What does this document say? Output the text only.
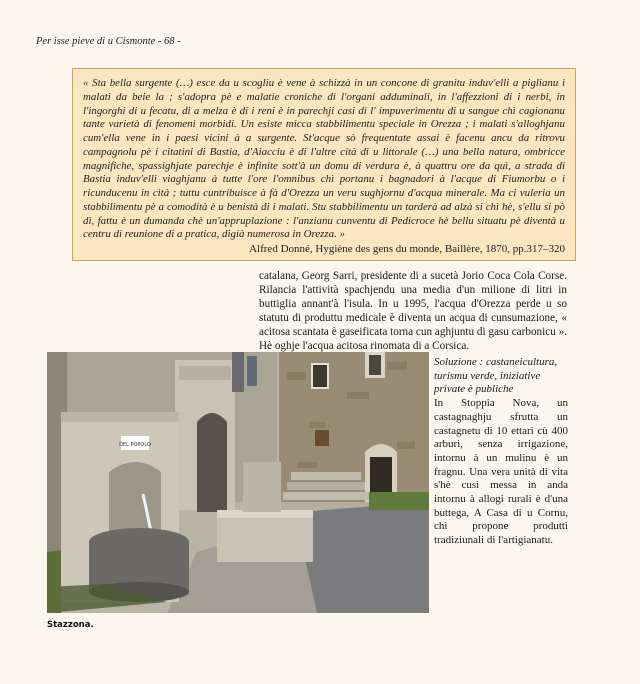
Per isse pieve di u Cismonte - 68 -

« Sta bella surgente (…) esce da u scogliu è vene à schizzà in un concone di granitu induv'elli a piglianu i malati da beie la ; s'adopra pè e malatie croniche di l'organi adduminali, in l'affezzioni di i nerbi, in l'ingorghi di u fecatu, di a melza è di i reni è in parechji casi di l' impuverimentu di u sangue chì cagionanu tante varietà di fenomeni morbidi. Un esiste micca stabbilimentu speciale in Orezza ; i malati s'alloghjanu cum'ella vene in i paesi vicini à a surgente. St'acque sò frequentate assai è facenu ancu da ritrovu campagnolu pè i citatini di Bastia, d'Aiacciu è di l'altre cità di u littorale (…) una bella natura, ombricce magnifiche, spassighjate parechje è infinite sott'à un domu di verdura è, à quattru ore da quì, a strada di Bastia induv'elli viaghjanu à tutte l'ore l'omnibus chì portanu i bagnadori à l'acque di Fiumorbu o i ricunducenu in cità ; tuttu cuntribuisce à fà d'Orezza un veru sughjornu d'acqua minerale. Ma ci vuleria un stabbilimentu pè a comodità è u benistà di i malati. Stu stabbilimentu un tarderà ad alzà si chì hè, s'ellu si pò dì, fattu è un dumanda chè un'appruplazione : l'anzianu cunventu di Pedicroce hè bellu situatu pè diventà u centru di reunione di a pratica, digià numerosa in Orezza. »

Alfred Donné, Hygiène des gens du monde, Baillère, 1870, pp.317–320

catalana, Georg Sarri, presidente di a sucetà Jorio Coca Cola Corse. Rilancia l'attività spachjendu una media d'un milione di litri in buttiglia annant'à l'isula. In u 1995, l'acqua d'Orezza perde u so statutu di produttu medicale è diventa un acqua di cunsumazione, « acitosa scantata è gaseificata torna cun aghjuntu di gasu carbonicu ». Hè oghje l'acqua acitosa rinomata di a Corsica.

DEL POPOLO

Soluzione : castaneicultura, turismu verde, iniziative private è publiche

In Stoppia Nova, un castagnaghju sfrutta un castagnetu di 10 ettari cù 400 arburi, senza irrigazione, intornu à un mulinu è un fragnu. Una vera unità di vita s'hè cusì messa in anda intornu à allogi rurali è d'una buttega, A Casa di u Cornu, chì propone produtti tradiziunali di l'artigianatu.

Stazzona.
